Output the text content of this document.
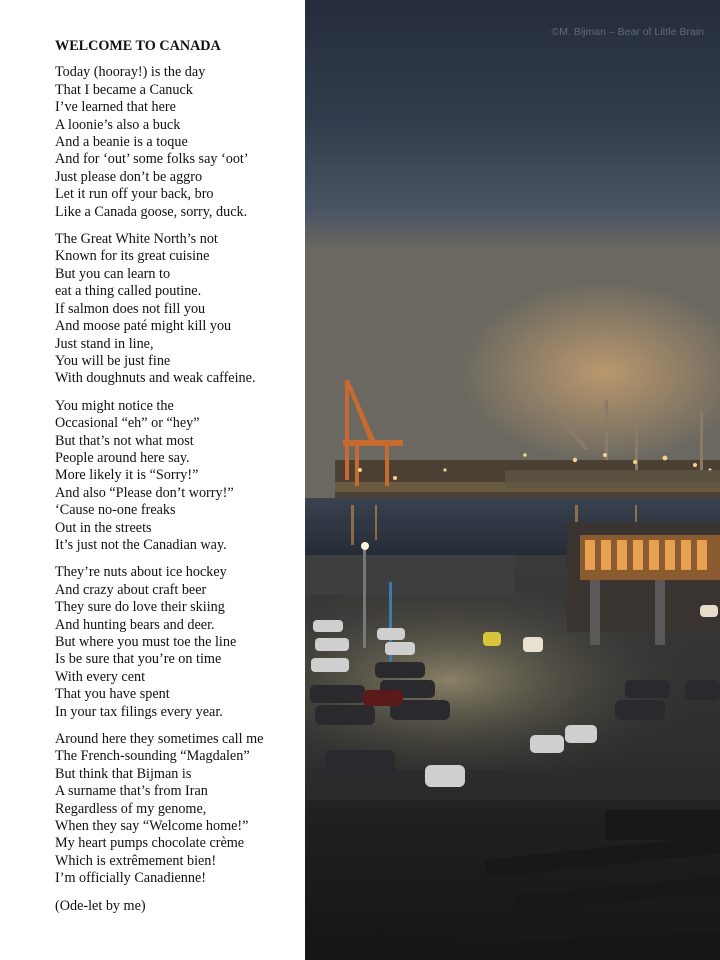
WELCOME TO CANADA
Today (hooray!) is the day
That I became a Canuck
I’ve learned that here
A loonie’s also a buck
And a beanie is a toque
And for ‘out’ some folks say ‘oot’
Just please don’t be aggro
Let it run off your back, bro
Like a Canada goose, sorry, duck.
The Great White North’s not
Known for its great cuisine
But you can learn to
eat a thing called poutine.
If salmon does not fill you
And moose paté might kill you
Just stand in line,
You will be just fine
With doughnuts and weak caffeine.
You might notice the
Occasional “eh” or “hey”
But that’s not what most
People around here say.
More likely it is “Sorry!”
And also “Please don’t worry!”
‘Cause no-one freaks
Out in the streets
It’s just not the Canadian way.
They’re nuts about ice hockey
And crazy about craft beer
They sure do love their skiing
And hunting bears and deer.
But where you must toe the line
Is be sure that you’re on time
With every cent
That you have spent
In your tax filings every year.
Around here they sometimes call me
The French-sounding “Magdalen”
But think that Bijman is
A surname that’s from Iran
Regardless of my genome,
When they say “Welcome home!”
My heart pumps chocolate crème
Which is extrêmement bien!
I’m officially Canadienne!
(Ode-let by me)
©M. Bijman – Bear of Little Brain
